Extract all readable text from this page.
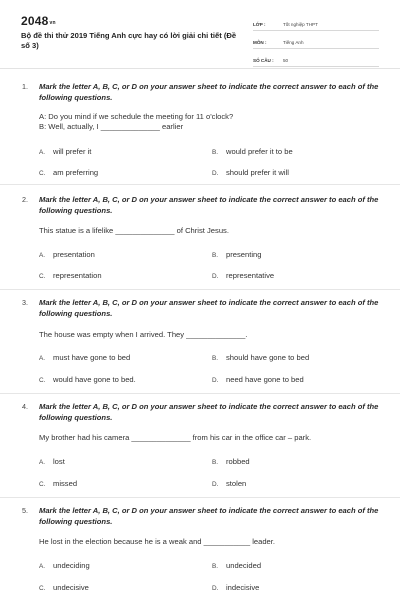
$2048^{vn}$
Bộ đề thi thử 2019 Tiếng Anh cực hay có lời giải chi tiết (Đề số 3)
LỚP :	Tốt nghiệp THPT
MÔN :	Tiếng Anh
SỐ CÂU :	50
1. Mark the letter A, B, C, or D on your answer sheet to indicate the correct answer to each of the following questions.
A: Do you mind if we schedule the meeting for 11 o'clock?
B: Well, actually, I ______________ earlier
A. will prefer it	B. would prefer it to be
C. am preferring	D. should prefer it will
2. Mark the letter A, B, C, or D on your answer sheet to indicate the correct answer to each of the following questions.
This statue is a lifelike ______________ of Christ Jesus.
A. presentation	B. presenting
C. representation	D. representative
3. Mark the letter A, B, C, or D on your answer sheet to indicate the correct answer to each of the following questions.
The house was empty when I arrived. They ______________.
A. must have gone to bed	B. should have gone to bed
C. would have gone to bed.	D. need have gone to bed
4. Mark the letter A, B, C, or D on your answer sheet to indicate the correct answer to each of the following questions.
My brother had his camera ______________ from his car in the office car – park.
A. lost	B. robbed
C. missed	D. stolen
5. Mark the letter A, B, C, or D on your answer sheet to indicate the correct answer to each of the following questions.
He lost in the election because he is a weak and ___________ leader.
A. undeciding	B. undecided
C. undecisive	D. indecisive
